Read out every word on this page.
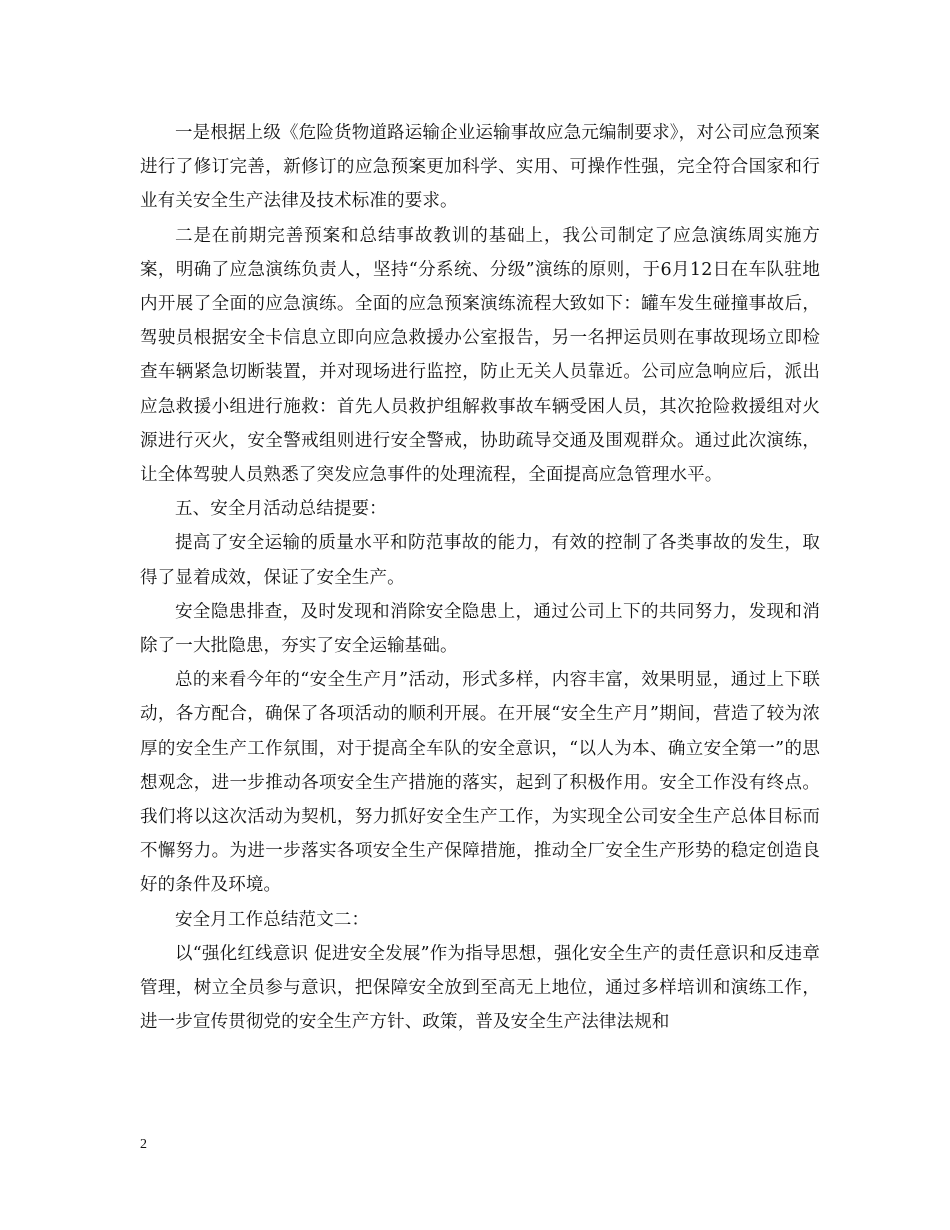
一是根据上级《危险货物道路运输企业运输事故应急元编制要求》，对公司应急预案进行了修订完善，新修订的应急预案更加科学、实用、可操作性强，完全符合国家和行业有关安全生产法律及技术标准的要求。

二是在前期完善预案和总结事故教训的基础上，我公司制定了应急演练周实施方案，明确了应急演练负责人，坚持“分系统、分级”演练的原则，于6月12日在车队驻地内开展了全面的应急演练。全面的应急预案演练流程大致如下：罐车发生碰撞事故后，驾驶员根据安全卡信息立即向应急救援办公室报告，另一名押运员则在事故现场立即检查车辆紧急切断装置，并对现场进行监控，防止无关人员靠近。公司应急响应后，派出应急救援小组进行施救：首先人员救护组解救事故车辆受困人员，其次抢险救援组对火源进行灭火，安全警戒组则进行安全警戒，协助疏导交通及围观群众。通过此次演练，让全体驾驶人员熟悉了突发应急事件的处理流程，全面提高应急管理水平。

五、安全月活动总结提要：

提高了安全运输的质量水平和防范事故的能力，有效的控制了各类事故的发生，取得了显着成效，保证了安全生产。

安全隐患排查，及时发现和消除安全隐患上，通过公司上下的共同努力，发现和消除了一大批隐患，夯实了安全运输基础。

总的来看今年的“安全生产月”活动，形式多样，内容丰富，效果明显，通过上下联动，各方配合，确保了各项活动的顺利开展。在开展“安全生产月”期间，营造了较为浓厚的安全生产工作氛围，对于提高全车队的安全意识，“以人为本、确立安全第一”的思想观念，进一步推动各项安全生产措施的落实，起到了积极作用。安全工作没有终点。我们将以这次活动为契机，努力抓好安全生产工作，为实现全公司安全生产总体目标而不懈努力。为进一步落实各项安全生产保障措施，推动全厂安全生产形势的稳定创造良好的条件及环境。

安全月工作总结范文二：

以“强化红线意识 促进安全发展”作为指导思想，强化安全生产的责任意识和反违章管理，树立全员参与意识，把保障安全放到至高无上地位，通过多样培训和演练工作，进一步宣传贯彻党的安全生产方针、政策，普及安全生产法律法规和

2
